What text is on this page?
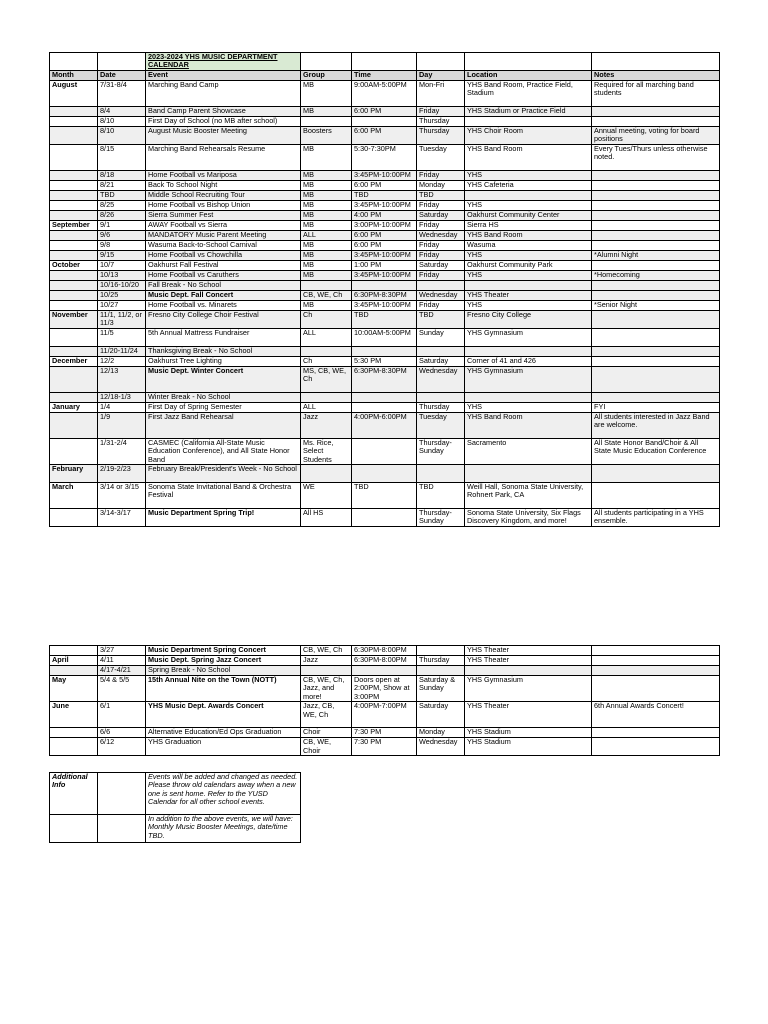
		2023-2024 YHS MUSIC DEPARTMENT CALENDAR					
Month	Date	Event	Group	Time	Day	Location	Notes
August	7/31-8/4	Marching Band Camp	MB	9:00AM-5:00PM	Mon-Fri	YHS Band Room, Practice Field, Stadium	Required for all marching band students
	8/4	Band Camp Parent Showcase	MB	6:00 PM	Friday	YHS Stadium or Practice Field	
	8/10	First Day of School (no MB after school)			Thursday		
	8/10	August Music Booster Meeting	Boosters	6:00 PM	Thursday	YHS Choir Room	Annual meeting, voting for board positions
	8/15	Marching Band Rehearsals Resume	MB	5:30-7:30PM	Tuesday	YHS Band Room	Every Tues/Thurs unless otherwise noted.
	8/18	Home Football vs Mariposa	MB	3:45PM-10:00PM	Friday	YHS	
	8/21	Back To School Night	MB	6:00 PM	Monday	YHS Cafeteria	
	TBD	Middle School Recruiting Tour	MB	TBD	TBD		
	8/25	Home Football vs Bishop Union	MB	3:45PM-10:00PM	Friday	YHS	
	8/26	Sierra Summer Fest	MB	4:00 PM	Saturday	Oakhurst Community Center	
September	9/1	AWAY Football vs Sierra	MB	3:00PM-10:00PM	Friday	Sierra HS	
	9/6	MANDATORY Music Parent Meeting	ALL	6:00 PM	Wednesday	YHS Band Room	
	9/8	Wasuma Back-to-School Carnival	MB	6:00 PM	Friday	Wasuma	
	9/15	Home Football vs Chowchilla	MB	3:45PM-10:00PM	Friday	YHS	*Alumni Night
October	10/7	Oakhurst Fall Festival	MB	1:00 PM	Saturday	Oakhurst Community Park	
	10/13	Home Football vs Caruthers	MB	3:45PM-10:00PM	Friday	YHS	*Homecoming
	10/16-10/20	Fall Break - No School					
	10/25	Music Dept. Fall Concert	CB, WE, Ch	6:30PM-8:30PM	Wednesday	YHS Theater	
	10/27	Home Football vs. Minarets	MB	3:45PM-10:00PM	Friday	YHS	*Senior Night
November	11/1, 11/2, or 11/3	Fresno City College Choir Festival	Ch	TBD	TBD	Fresno City College	
	11/5	5th Annual Mattress Fundraiser	ALL	10:00AM-5:00PM	Sunday	YHS Gymnasium	
	11/20-11/24	Thanksgiving Break - No School					
December	12/2	Oakhurst Tree Lighting	Ch	5:30 PM	Saturday	Corner of 41 and 426	
	12/13	Music Dept. Winter Concert	MS, CB, WE, Ch	6:30PM-8:30PM	Wednesday	YHS Gymnasium	
	12/18-1/3	Winter Break - No School					
January	1/4	First Day of Spring Semester	ALL		Thursday	YHS	FYI
	1/9	First Jazz Band Rehearsal	Jazz	4:00PM-6:00PM	Tuesday	YHS Band Room	All students interested in Jazz Band are welcome.
	1/31-2/4	CASMEC (California All-State Music Education Conference), and All State Honor Band	Ms. Rice, Select Students		Thursday-Sunday	Sacramento	All State Honor Band/Choir & All State Music Education Conference
February	2/19-2/23	February Break/President's Week - No School					
March	3/14 or 3/15	Sonoma State Invitational Band & Orchestra Festival	WE	TBD	TBD	Weill Hall, Sonoma State University, Rohnert Park, CA	
	3/14-3/17	Music Department Spring Trip!	All HS		Thursday-Sunday	Sonoma State University, Six Flags Discovery Kingdom, and more!	All students participating in a YHS ensemble.
	3/27	Music Department Spring Concert	CB, WE, Ch	6:30PM-8:00PM		YHS Theater	
April	4/11	Music Dept. Spring Jazz Concert	Jazz	6:30PM-8:00PM	Thursday	YHS Theater	
	4/17-4/21	Spring Break - No School					
May	5/4 & 5/5	15th Annual Nite on the Town (NOTT)	CB, WE, Ch, Jazz, and more!	Doors open at 2:00PM, Show at 3:00PM	Saturday & Sunday	YHS Gymnasium	
June	6/1	YHS Music Dept. Awards Concert	Jazz, CB, WE, Ch	4:00PM-7:00PM	Saturday	YHS Theater	6th Annual Awards Concert!
	6/6	Alternative Education/Ed Ops Graduation	Choir	7:30 PM	Monday	YHS Stadium	
	6/12	YHS Graduation	CB, WE, Choir	7:30 PM	Wednesday	YHS Stadium	
Additional Info		Events will be added and changed as needed. Please throw old calendars away when a new one is sent home. Refer to the YUSD Calendar for all other school events.
		In addition to the above events, we will have: Monthly Music Booster Meetings, date/time TBD.
